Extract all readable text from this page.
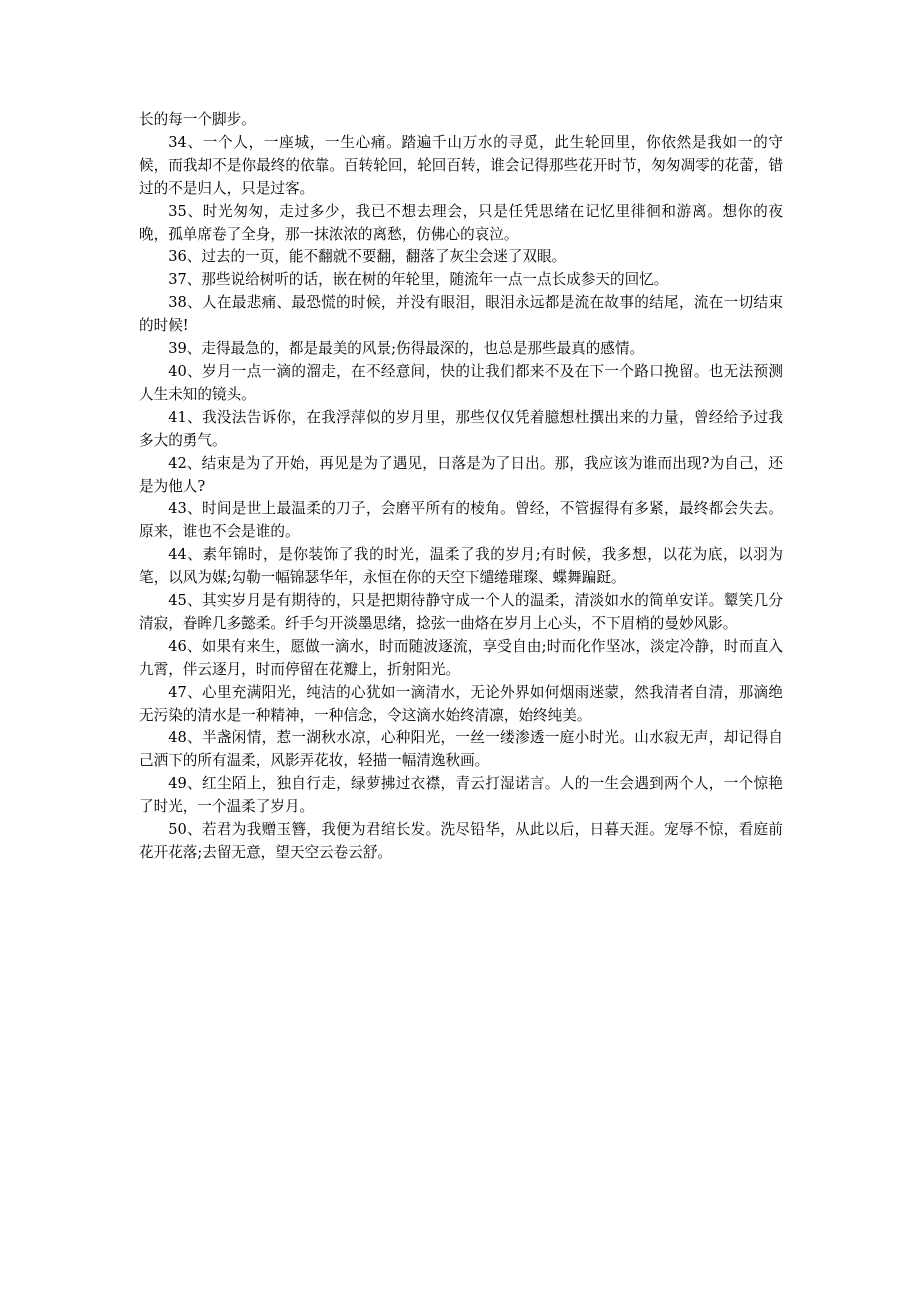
长的每一个脚步。

34、一个人，一座城，一生心痛。踏遍千山万水的寻觅，此生轮回里，你依然是我如一的守候，而我却不是你最终的依靠。百转轮回，轮回百转，谁会记得那些花开时节，匆匆凋零的花蕾，错过的不是归人，只是过客。

35、时光匆匆，走过多少，我已不想去理会，只是任凭思绪在记忆里徘徊和游离。想你的夜晚，孤单席卷了全身，那一抹浓浓的离愁，仿佛心的哀泣。

36、过去的一页，能不翻就不要翻，翻落了灰尘会迷了双眼。

37、那些说给树听的话，嵌在树的年轮里，随流年一点一点长成参天的回忆。

38、人在最悲痛、最恐慌的时候，并没有眼泪，眼泪永远都是流在故事的结尾，流在一切结束的时候!

39、走得最急的，都是最美的风景;伤得最深的，也总是那些最真的感情。

40、岁月一点一滴的溜走，在不经意间，快的让我们都来不及在下一个路口挽留。也无法预测人生未知的镜头。

41、我没法告诉你，在我浮萍似的岁月里，那些仅仅凭着臆想杜撰出来的力量，曾经给予过我多大的勇气。

42、结束是为了开始，再见是为了遇见，日落是为了日出。那，我应该为谁而出现?为自己，还是为他人?

43、时间是世上最温柔的刀子，会磨平所有的棱角。曾经，不管握得有多紧，最终都会失去。原来，谁也不会是谁的。

44、素年锦时，是你装饰了我的时光，温柔了我的岁月;有时候，我多想，以花为底，以羽为笔，以风为媒;勾勒一幅锦瑟华年，永恒在你的天空下缱绻璀璨、蝶舞蹁跹。

45、其实岁月是有期待的，只是把期待静守成一个人的温柔，清淡如水的简单安详。颦笑几分清寂，眷眸几多懿柔。纤手匀开淡墨思绪，捻弦一曲烙在岁月上心头，不下眉梢的曼妙风影。

46、如果有来生，愿做一滴水，时而随波逐流，享受自由;时而化作坚冰，淡定冷静，时而直入九霄，伴云逐月，时而停留在花瓣上，折射阳光。

47、心里充满阳光，纯洁的心犹如一滴清水，无论外界如何烟雨迷蒙，然我清者自清，那滴绝无污染的清水是一种精神，一种信念，令这滴水始终清凛，始终纯美。

48、半盏闲情，惹一湖秋水凉，心种阳光，一丝一缕渗透一庭小时光。山水寂无声，却记得自己洒下的所有温柔，风影弄花妆，轻描一幅清逸秋画。

49、红尘陌上，独自行走，绿萝拂过衣襟，青云打湿诺言。人的一生会遇到两个人，一个惊艳了时光，一个温柔了岁月。

50、若君为我赠玉簪，我便为君绾长发。洗尽铅华，从此以后，日暮天涯。宠辱不惊，看庭前花开花落;去留无意，望天空云卷云舒。
